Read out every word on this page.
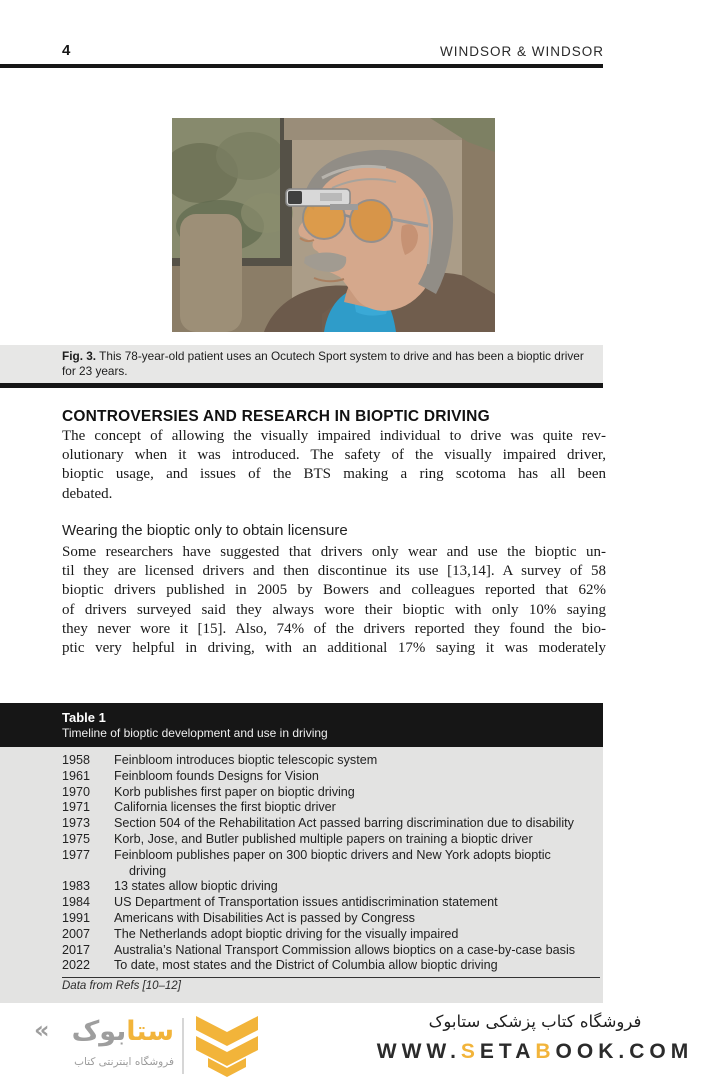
4	WINDSOR & WINDSOR
Fig. 3. This 78-year-old patient uses an Ocutech Sport system to drive and has been a bioptic driver for 23 years.
CONTROVERSIES AND RESEARCH IN BIOPTIC DRIVING
The concept of allowing the visually impaired individual to drive was quite rev-
olutionary when it was introduced. The safety of the visually impaired driver,
bioptic usage, and issues of the BTS making a ring scotoma has all been
debated.
Wearing the bioptic only to obtain licensure
Some researchers have suggested that drivers only wear and use the bioptic un-
til they are licensed drivers and then discontinue its use [13,14]. A survey of 58
bioptic drivers published in 2005 by Bowers and colleagues reported that 62%
of drivers surveyed said they always wore their bioptic with only 10% saying
they never wore it [15]. Also, 74% of the drivers reported they found the bio-
ptic very helpful in driving, with an additional 17% saying it was moderately
Table 1
Timeline of bioptic development and use in driving
1958	Feinbloom introduces bioptic telescopic system
1961	Feinbloom founds Designs for Vision
1970	Korb publishes first paper on bioptic driving
1971	California licenses the first bioptic driver
1973	Section 504 of the Rehabilitation Act passed barring discrimination due to disability
1975	Korb, Jose, and Butler published multiple papers on training a bioptic driver
1977	Feinbloom publishes paper on 300 bioptic drivers and New York adopts bioptic
driving
1983	13 states allow bioptic driving
1984	US Department of Transportation issues antidiscrimination statement
1991	Americans with Disabilities Act is passed by Congress
2007	The Netherlands adopt bioptic driving for the visually impaired
2017	Australia’s National Transport Commission allows bioptics on a case-by-case basis
2022	To date, most states and the District of Columbia allow bioptic driving
Data from Refs [10–12]
فروشگاه کتاب پزشکی ستابوک
WWW.SETABOOK.COM
«	ستابوک
فروشگاه اینترنتی کتاب
